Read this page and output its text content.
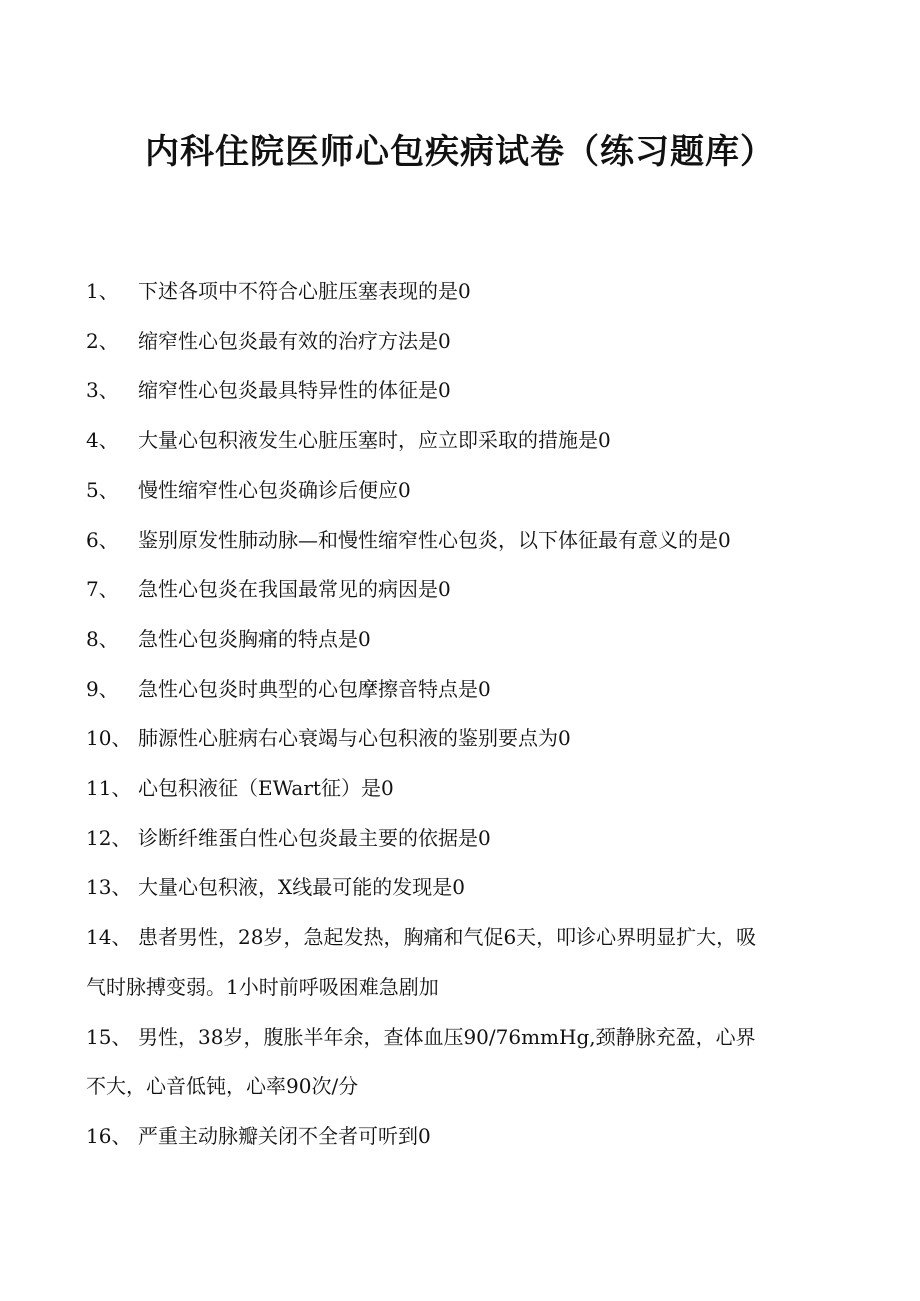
内科住院医师心包疾病试卷（练习题库）
1、 下述各项中不符合心脏压塞表现的是0
2、 缩窄性心包炎最有效的治疗方法是0
3、 缩窄性心包炎最具特异性的体征是0
4、 大量心包积液发生心脏压塞时，应立即采取的措施是0
5、 慢性缩窄性心包炎确诊后便应0
6、 鉴别原发性肺动脉—和慢性缩窄性心包炎，以下体征最有意义的是0
7、 急性心包炎在我国最常见的病因是0
8、 急性心包炎胸痛的特点是0
9、 急性心包炎时典型的心包摩擦音特点是0
10、 肺源性心脏病右心衰竭与心包积液的鉴别要点为0
11、 心包积液征（EWart征）是0
12、 诊断纤维蛋白性心包炎最主要的依据是0
13、 大量心包积液，X线最可能的发现是0
14、 患者男性，28岁，急起发热，胸痛和气促6天，叩诊心界明显扩大，吸
气时脉搏变弱。1小时前呼吸困难急剧加
15、 男性，38岁，腹胀半年余，查体血压90/76mmHg,颈静脉充盈，心界
不大，心音低钝，心率90次/分
16、 严重主动脉瓣关闭不全者可听到0
